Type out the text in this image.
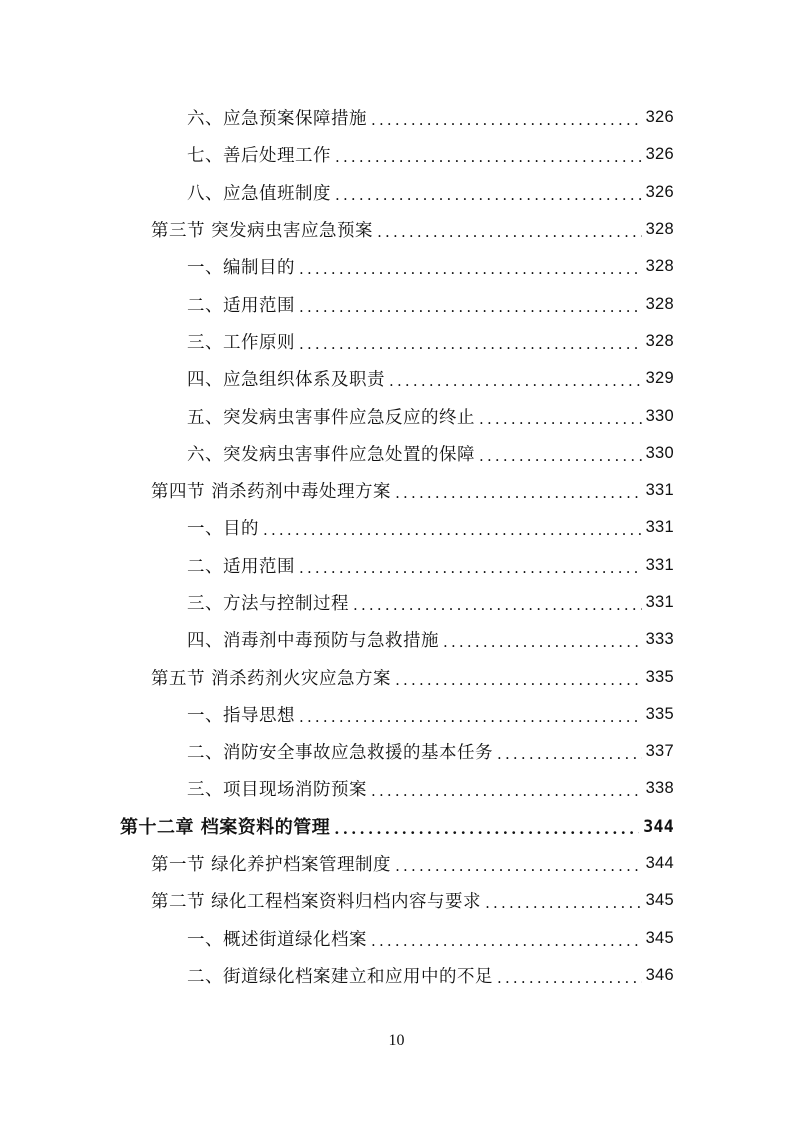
六、应急预案保障措施 .....	326
七、善后处理工作 .....	326
八、应急值班制度 .....	326
第三节 突发病虫害应急预案 .....	328
一、编制目的 .....	328
二、适用范围 .....	328
三、工作原则 .....	328
四、应急组织体系及职责 .....	329
五、突发病虫害事件应急反应的终止 .....	330
六、突发病虫害事件应急处置的保障 .....	330
第四节 消杀药剂中毒处理方案 .....	331
一、目的 .....	331
二、适用范围 .....	331
三、方法与控制过程 .....	331
四、消毒剂中毒预防与急救措施 .....	333
第五节 消杀药剂火灾应急方案 .....	335
一、指导思想 .....	335
二、消防安全事故应急救援的基本任务 .....	337
三、项目现场消防预案 .....	338
第十二章 档案资料的管理 .....	344
第一节 绿化养护档案管理制度 .....	344
第二节 绿化工程档案资料归档内容与要求 .....	345
一、概述街道绿化档案 .....	345
二、街道绿化档案建立和应用中的不足 .....	346
10
